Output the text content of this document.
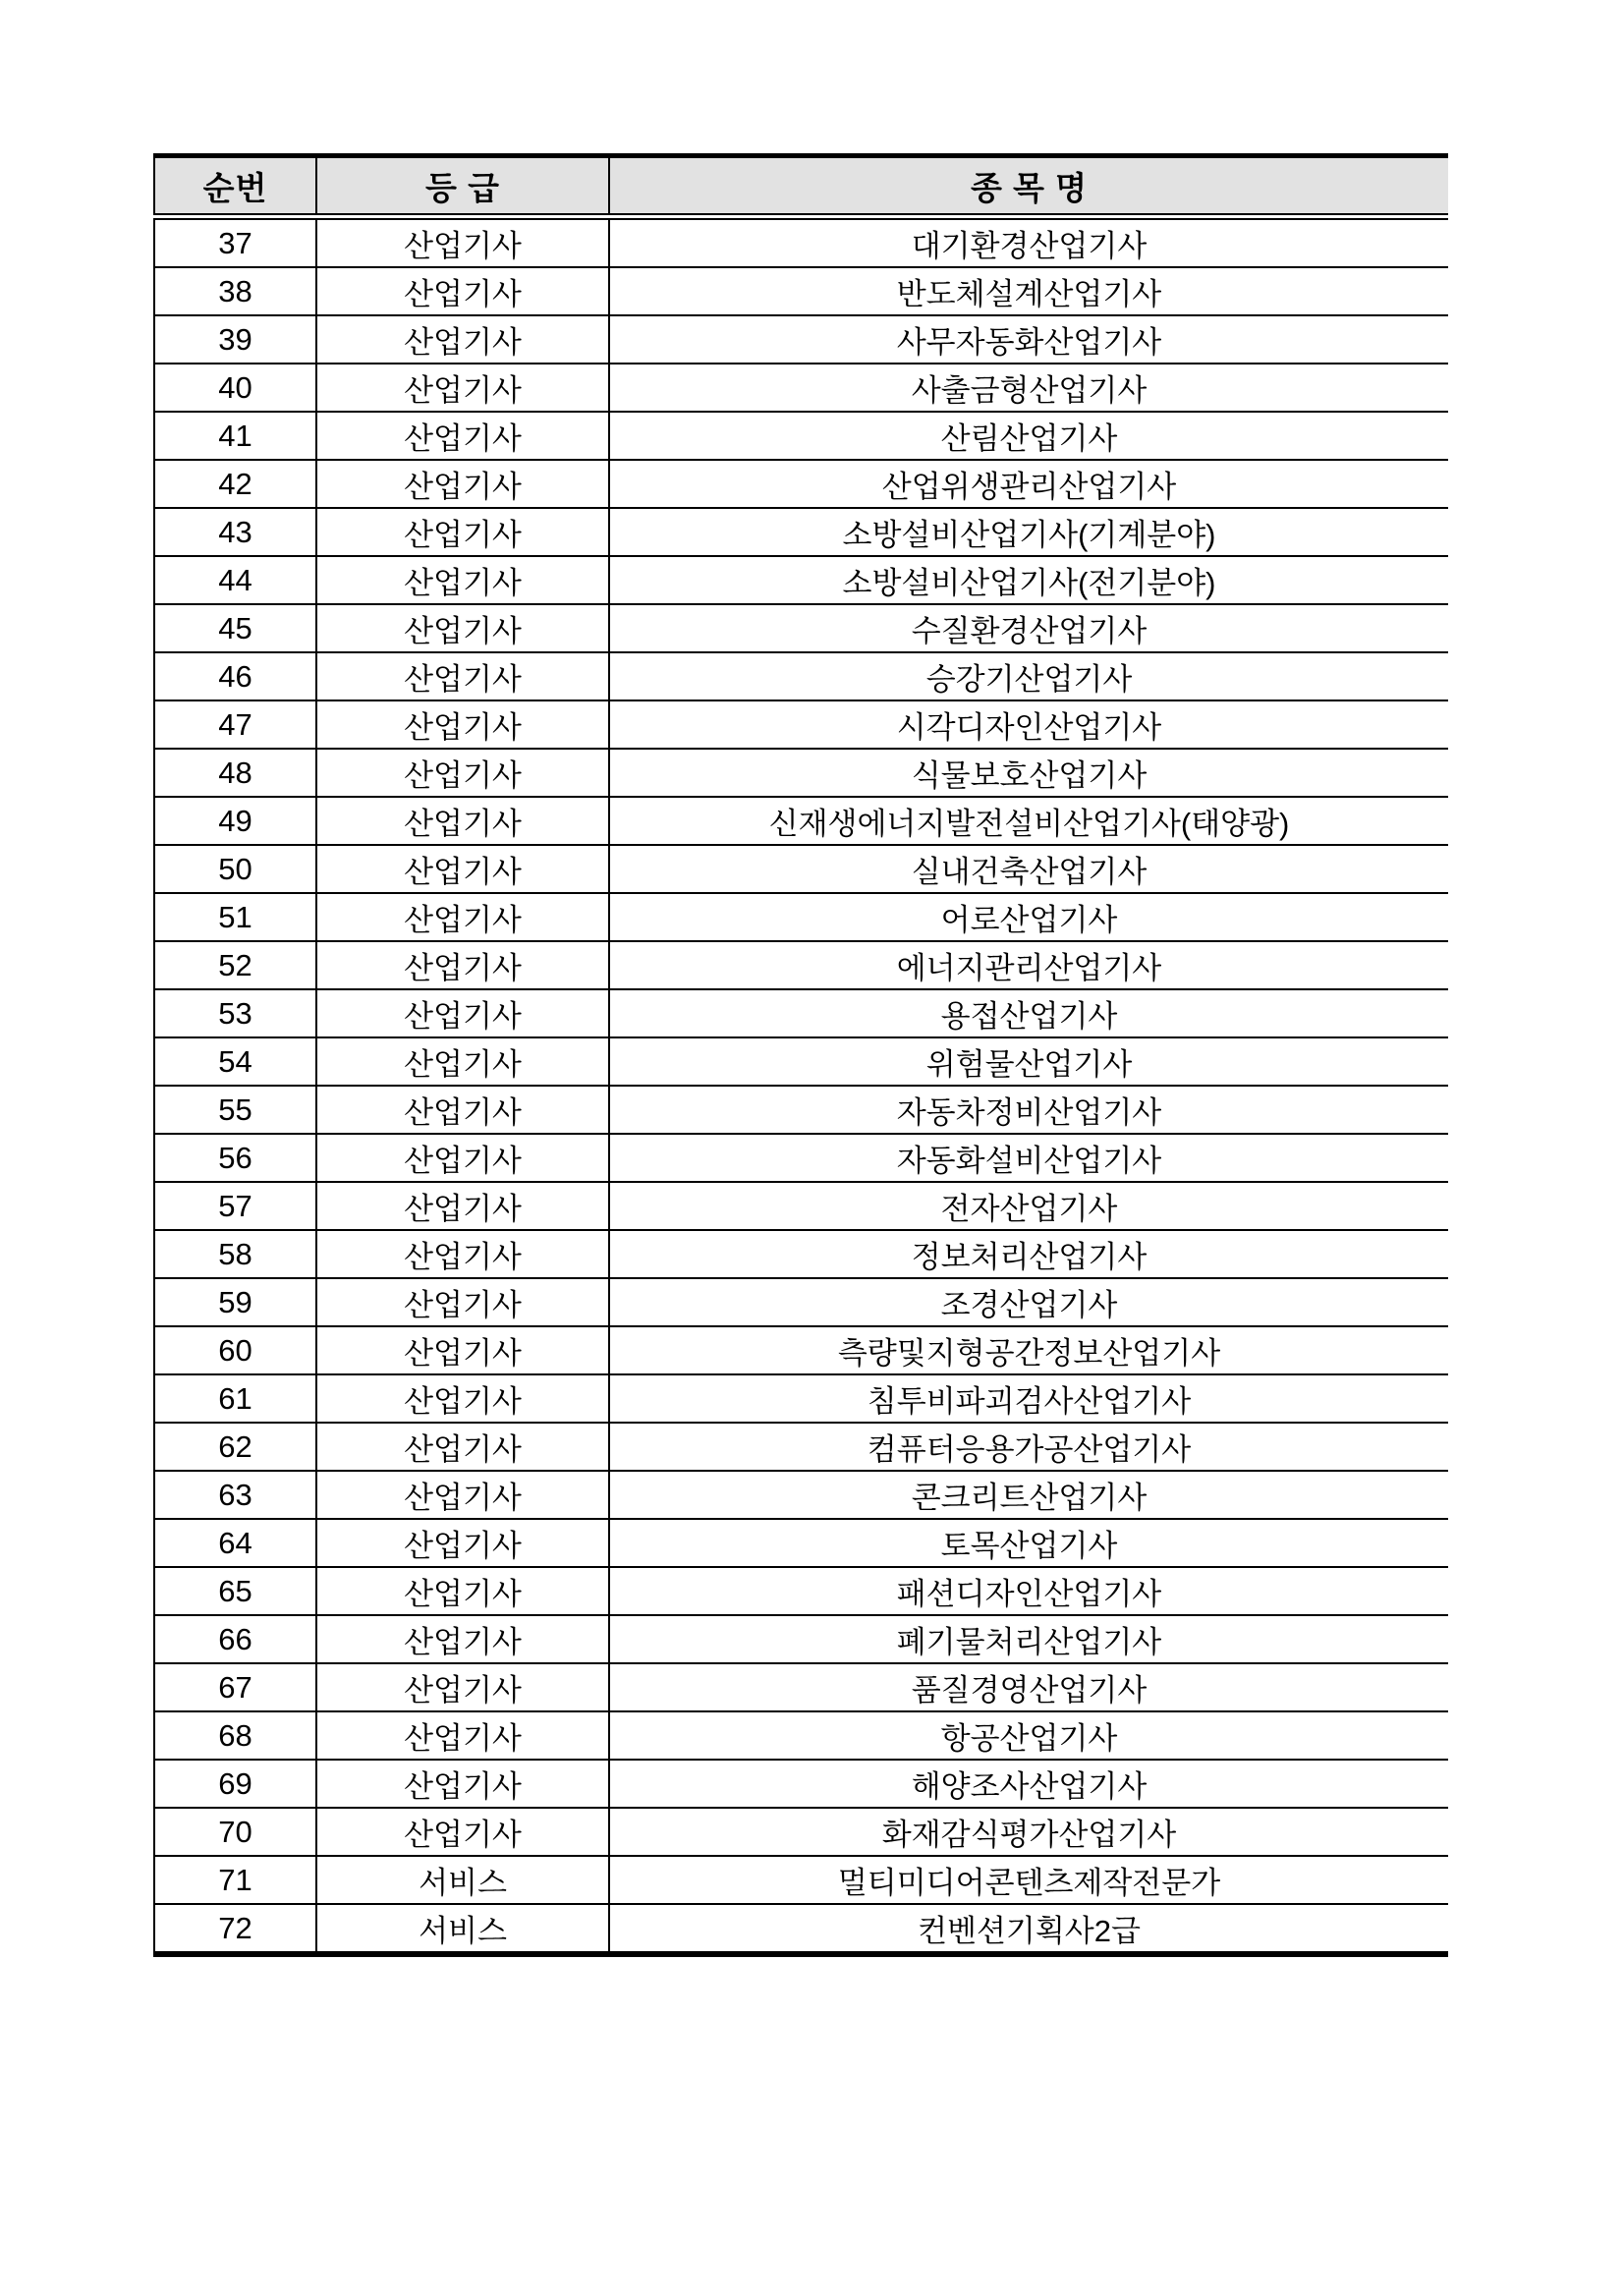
순번	등 급	종 목 명
37	산업기사	대기환경산업기사
38	산업기사	반도체설계산업기사
39	산업기사	사무자동화산업기사
40	산업기사	사출금형산업기사
41	산업기사	산림산업기사
42	산업기사	산업위생관리산업기사
43	산업기사	소방설비산업기사(기계분야)
44	산업기사	소방설비산업기사(전기분야)
45	산업기사	수질환경산업기사
46	산업기사	승강기산업기사
47	산업기사	시각디자인산업기사
48	산업기사	식물보호산업기사
49	산업기사	신재생에너지발전설비산업기사(태양광)
50	산업기사	실내건축산업기사
51	산업기사	어로산업기사
52	산업기사	에너지관리산업기사
53	산업기사	용접산업기사
54	산업기사	위험물산업기사
55	산업기사	자동차정비산업기사
56	산업기사	자동화설비산업기사
57	산업기사	전자산업기사
58	산업기사	정보처리산업기사
59	산업기사	조경산업기사
60	산업기사	측량및지형공간정보산업기사
61	산업기사	침투비파괴검사산업기사
62	산업기사	컴퓨터응용가공산업기사
63	산업기사	콘크리트산업기사
64	산업기사	토목산업기사
65	산업기사	패션디자인산업기사
66	산업기사	폐기물처리산업기사
67	산업기사	품질경영산업기사
68	산업기사	항공산업기사
69	산업기사	해양조사산업기사
70	산업기사	화재감식평가산업기사
71	서비스	멀티미디어콘텐츠제작전문가
72	서비스	컨벤션기획사2급
